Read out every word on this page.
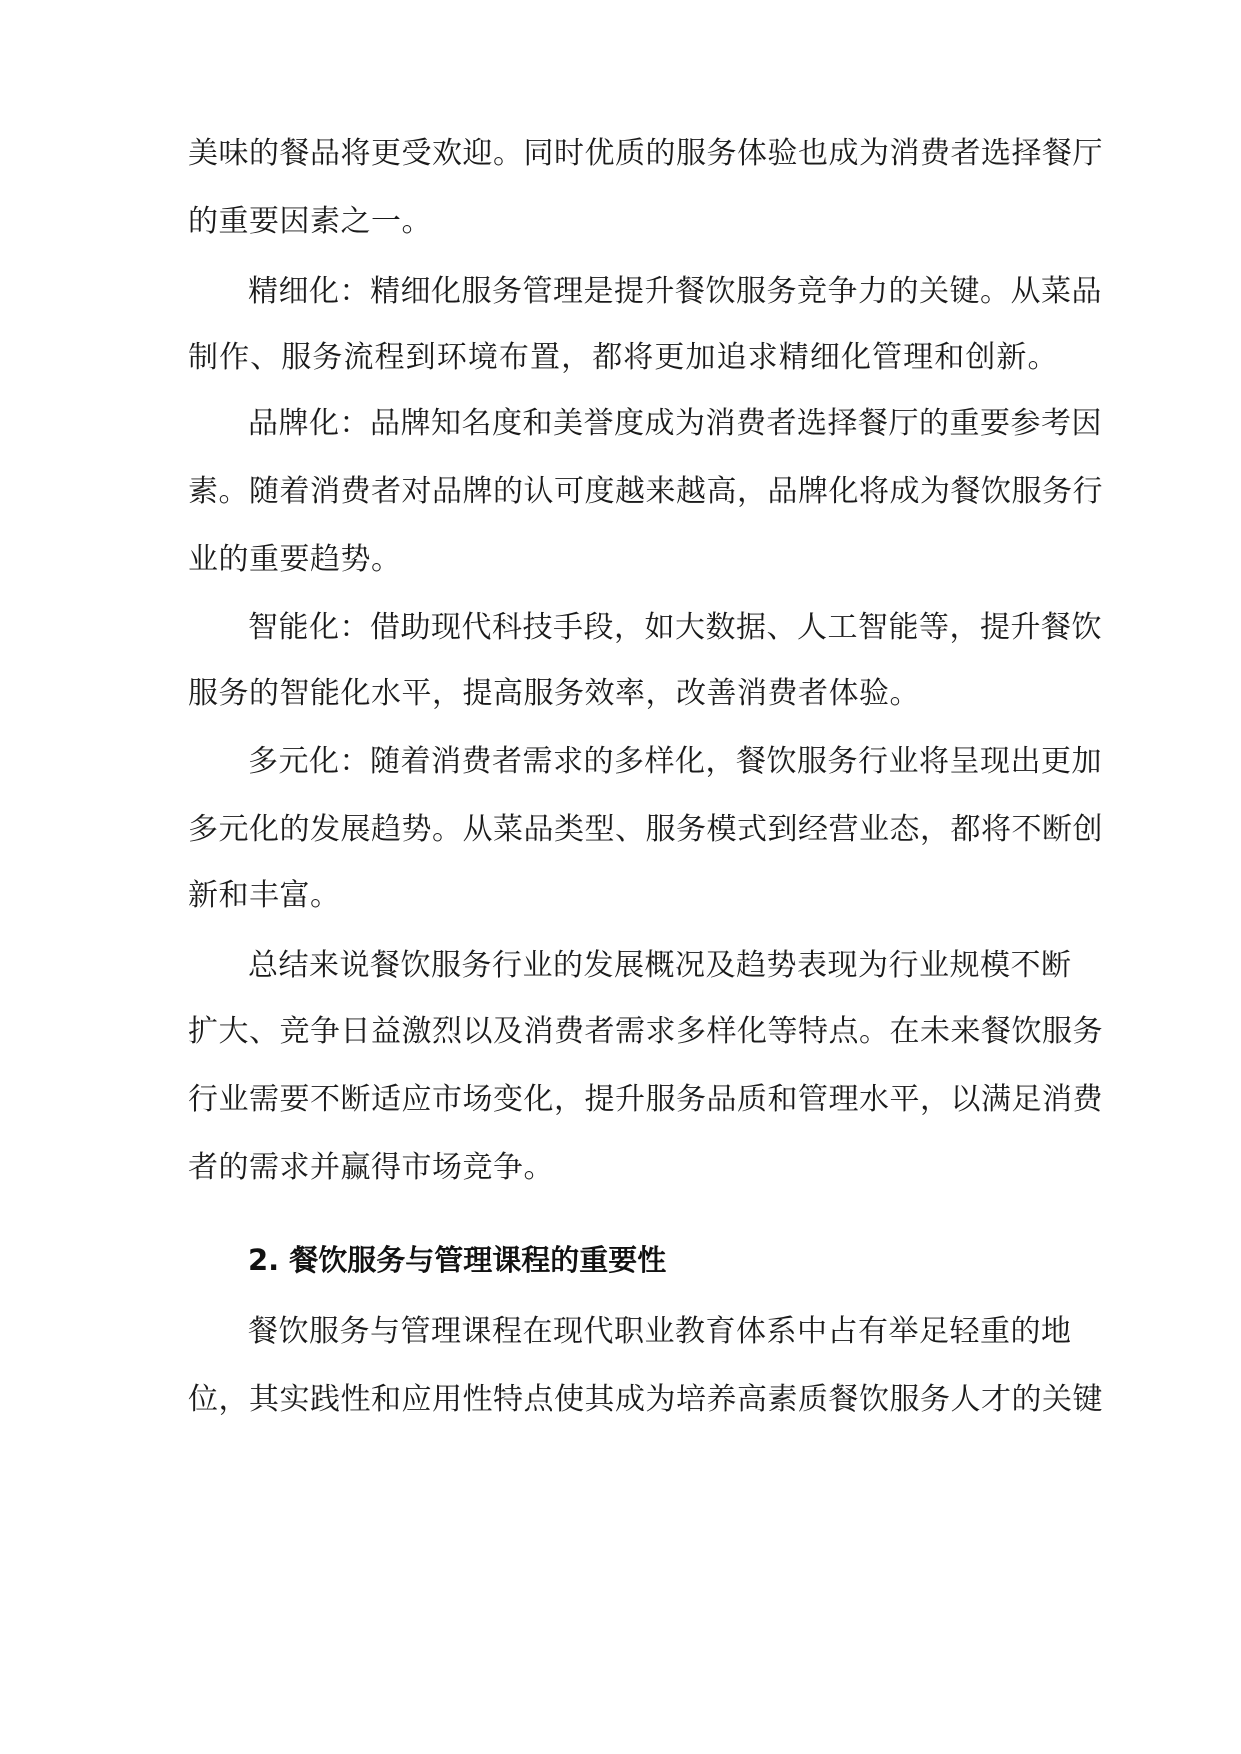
美味的餐品将更受欢迎。同时优质的服务体验也成为消费者选择餐厅

的重要因素之一。

精细化：精细化服务管理是提升餐饮服务竞争力的关键。从菜品

制作、服务流程到环境布置，都将更加追求精细化管理和创新。

品牌化：品牌知名度和美誉度成为消费者选择餐厅的重要参考因

素。随着消费者对品牌的认可度越来越高，品牌化将成为餐饮服务行

业的重要趋势。

智能化：借助现代科技手段，如大数据、人工智能等，提升餐饮

服务的智能化水平，提高服务效率，改善消费者体验。

多元化：随着消费者需求的多样化，餐饮服务行业将呈现出更加

多元化的发展趋势。从菜品类型、服务模式到经营业态，都将不断创

新和丰富。

总结来说餐饮服务行业的发展概况及趋势表现为行业规模不断

扩大、竞争日益激烈以及消费者需求多样化等特点。在未来餐饮服务

行业需要不断适应市场变化，提升服务品质和管理水平，以满足消费

者的需求并赢得市场竞争。

2. 餐饮服务与管理课程的重要性

餐饮服务与管理课程在现代职业教育体系中占有举足轻重的地

位，其实践性和应用性特点使其成为培养高素质餐饮服务人才的关键
